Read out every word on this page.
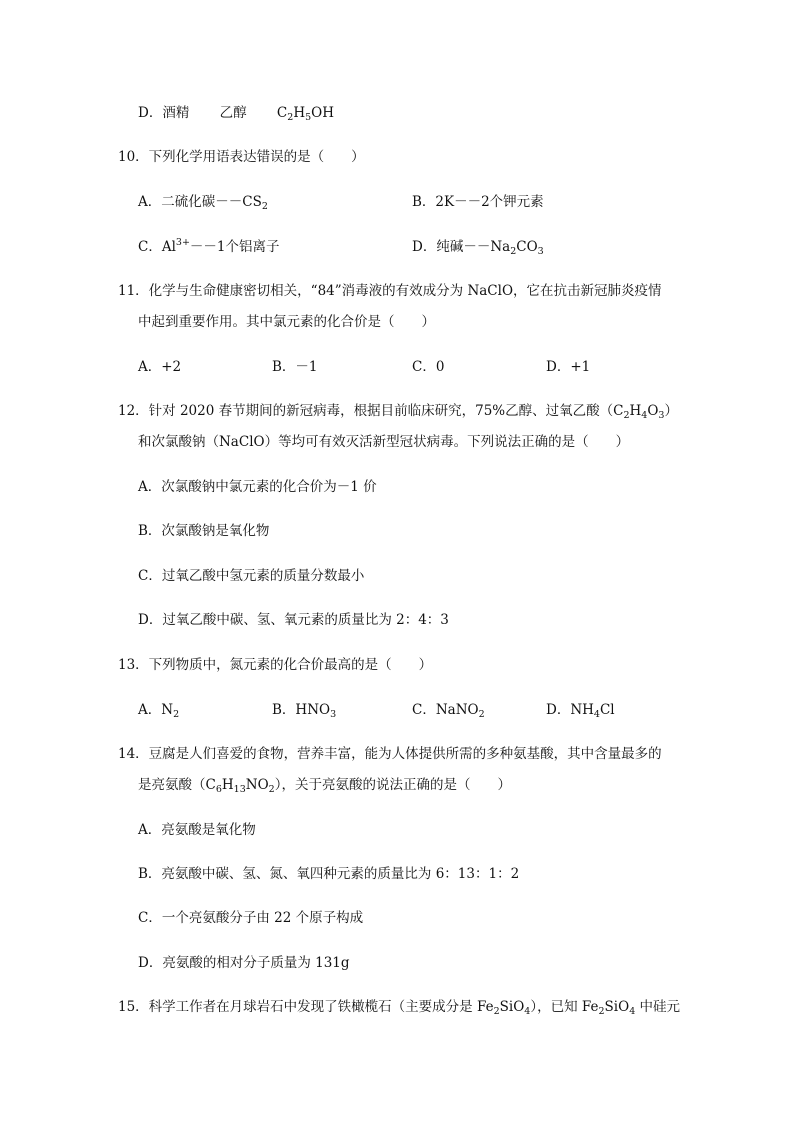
D．酒精 乙醇 $C_2H_5OH$
10．下列化学用语表达错误的是（　　）
A．二硫化碳$--CS_2$	B．2K－－2个钾元素
C．$Al^{3+}--1$个铝离子	D．纯碱$--Na_2CO_3$
11．化学与生命健康密切相关，“84”消毒液的有效成分为 NaClO，它在抗击新冠肺炎疫情
中起到重要作用。其中氯元素的化合价是（　　）
A．+2	B．－1	C．0	D．+1
12．针对 2020 春节期间的新冠病毒，根据目前临床研究，75%乙醇、过氧乙酸$(C_2H_4O_3)$
和次氯酸钠（NaClO）等均可有效灭活新型冠状病毒。下列说法正确的是（　　）
A．次氯酸钠中氯元素的化合价为－1 价
B．次氯酸钠是氧化物
C．过氧乙酸中氢元素的质量分数最小
D．过氧乙酸中碳、氢、氧元素的质量比为 2：4：3
13．下列物质中，氮元素的化合价最高的是（　　）
A．$N_2$	B．$HNO_3$	C．NaNO$_2$	D．$NH_4Cl$
14．豆腐是人们喜爱的食物，营养丰富，能为人体提供所需的多种氨基酸，其中含量最多的
是亮氨酸$(C_6H_{13}NO_2)$，关于亮氨酸的说法正确的是（　　）
A．亮氨酸是氧化物
B．亮氨酸中碳、氢、氮、氧四种元素的质量比为 6：13：1：2
C．一个亮氨酸分子由 22 个原子构成
D．亮氨酸的相对分子质量为 131g
15．科学工作者在月球岩石中发现了铁橄榄石（主要成分是 $Fe_2SiO_4$），已知 $Fe_2SiO_4$ 中硅元
